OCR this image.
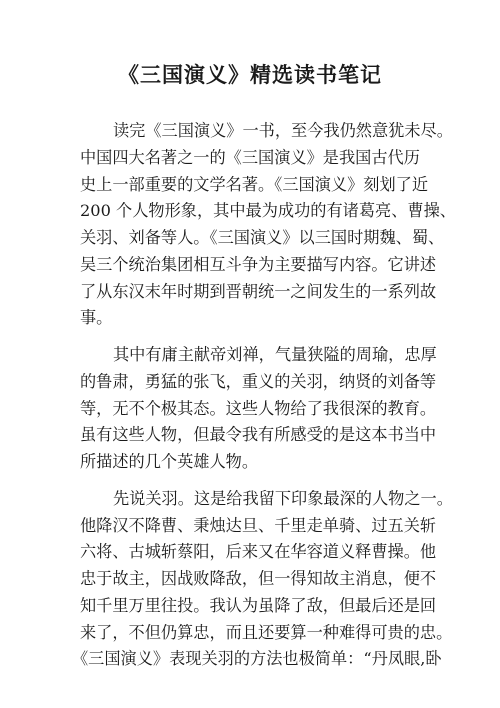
《三国演义》精选读书笔记
读完《三国演义》一书，至今我仍然意犹未尽。
中国四大名著之一的《三国演义》是我国古代历
史上一部重要的文学名著。《三国演义》刻划了近
200 个人物形象，其中最为成功的有诸葛亮、曹操、
关羽、刘备等人。《三国演义》以三国时期魏、蜀、
吴三个统治集团相互斗争为主要描写内容。它讲述
了从东汉末年时期到晋朝统一之间发生的一系列故
事。
其中有庸主献帝刘禅，气量狭隘的周瑜，忠厚
的鲁肃，勇猛的张飞，重义的关羽，纳贤的刘备等
等，无不个极其态。这些人物给了我很深的教育。
虽有这些人物，但最令我有所感受的是这本书当中
所描述的几个英雄人物。
先说关羽。这是给我留下印象最深的人物之一。
他降汉不降曹、秉烛达旦、千里走单骑、过五关斩
六将、古城斩蔡阳，后来又在华容道义释曹操。他
忠于故主，因战败降敌，但一得知故主消息，便不
知千里万里往投。我认为虽降了敌，但最后还是回
来了，不但仍算忠，而且还要算一种难得可贵的忠。
《三国演义》表现关羽的方法也极简单：“丹凤眼,卧
